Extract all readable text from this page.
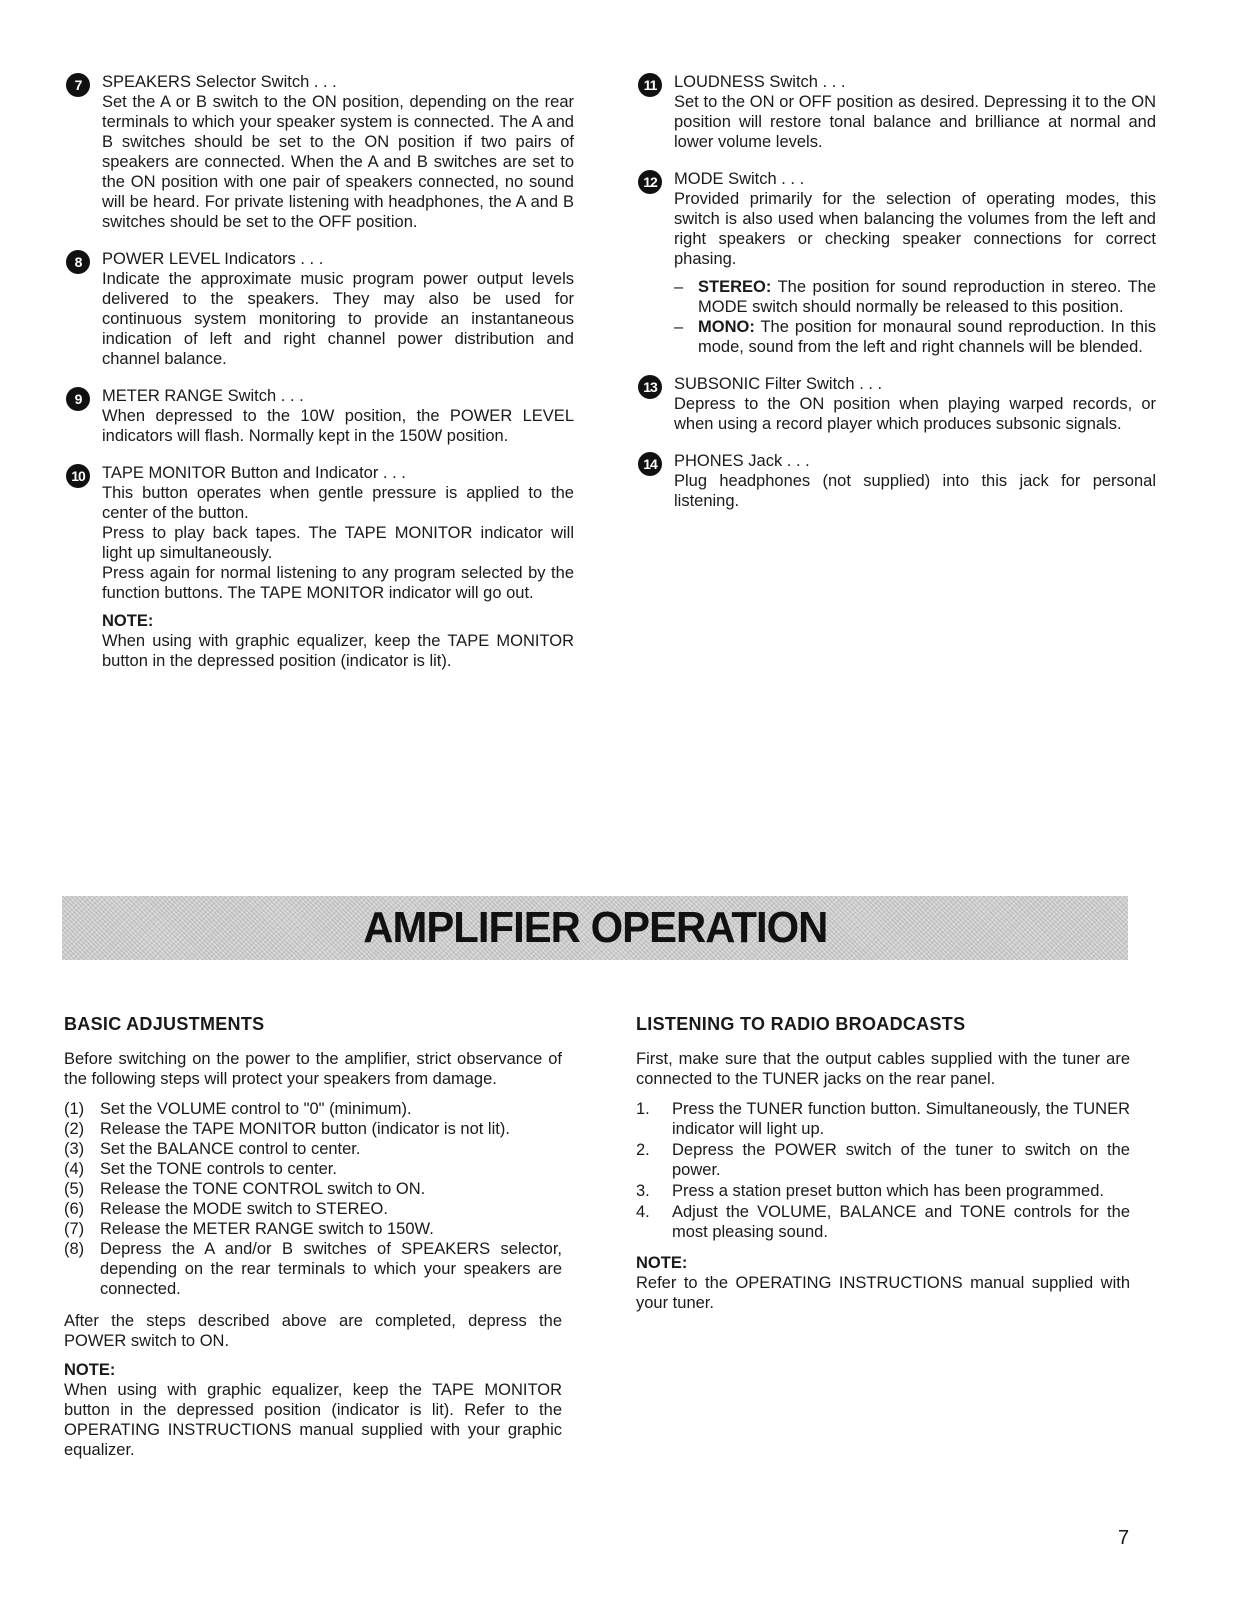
7	SPEAKERS Selector Switch . . .

Set the A or B switch to the ON position, depending on the rear terminals to which your speaker system is connected. The A and B switches should be set to the ON position if two pairs of speakers are connected. When the A and B switches are set to the ON position with one pair of speakers connected, no sound will be heard. For private listening with headphones, the A and B switches should be set to the OFF position.

8	POWER LEVEL Indicators . . .

Indicate the approximate music program power output levels delivered to the speakers. They may also be used for continuous system monitoring to provide an instantaneous indication of left and right channel power distribution and channel balance.

9	METER RANGE Switch . . .

When depressed to the 10W position, the POWER LEVEL indicators will flash. Normally kept in the 150W position.

10	TAPE MONITOR Button and Indicator . . .

This button operates when gentle pressure is applied to the center of the button.

Press to play back tapes. The TAPE MONITOR indicator will light up simultaneously.

Press again for normal listening to any program selected by the function buttons. The TAPE MONITOR indicator will go out.

NOTE:

When using with graphic equalizer, keep the TAPE MONITOR button in the depressed position (indicator is lit).

11	LOUDNESS Switch . . .

Set to the ON or OFF position as desired. Depressing it to the ON position will restore tonal balance and brilliance at normal and lower volume levels.

12	MODE Switch . . .

Provided primarily for the selection of operating modes, this switch is also used when balancing the volumes from the left and right speakers or checking speaker connections for correct phasing.

– STEREO: The position for sound reproduction in stereo. The MODE switch should normally be released to this position.
– MONO: The position for monaural sound reproduction. In this mode, sound from the left and right channels will be blended.
13	SUBSONIC Filter Switch . . .

Depress to the ON position when playing warped records, or when using a record player which produces subsonic signals.

14	PHONES Jack . . .

Plug headphones (not supplied) into this jack for personal listening.

AMPLIFIER OPERATION
BASIC ADJUSTMENTS

Before switching on the power to the amplifier, strict observance of the following steps will protect your speakers from damage.

(1) Set the VOLUME control to "0" (minimum).
(2) Release the TAPE MONITOR button (indicator is not lit).
(3) Set the BALANCE control to center.
(4) Set the TONE controls to center.
(5) Release the TONE CONTROL switch to ON.
(6) Release the MODE switch to STEREO.
(7) Release the METER RANGE switch to 150W.
(8) Depress the A and/or B switches of SPEAKERS selector, depending on the rear terminals to which your speakers are connected.

After the steps described above are completed, depress the POWER switch to ON.

NOTE:

When using with graphic equalizer, keep the TAPE MONITOR button in the depressed position (indicator is lit). Refer to the OPERATING INSTRUCTIONS manual supplied with your graphic equalizer.

LISTENING TO RADIO BROADCASTS

First, make sure that the output cables supplied with the tuner are connected to the TUNER jacks on the rear panel.

1. Press the TUNER function button. Simultaneously, the TUNER indicator will light up.
2. Depress the POWER switch of the tuner to switch on the power.
3. Press a station preset button which has been programmed.
4. Adjust the VOLUME, BALANCE and TONE controls for the most pleasing sound.
NOTE:

Refer to the OPERATING INSTRUCTIONS manual supplied with your tuner.

7
